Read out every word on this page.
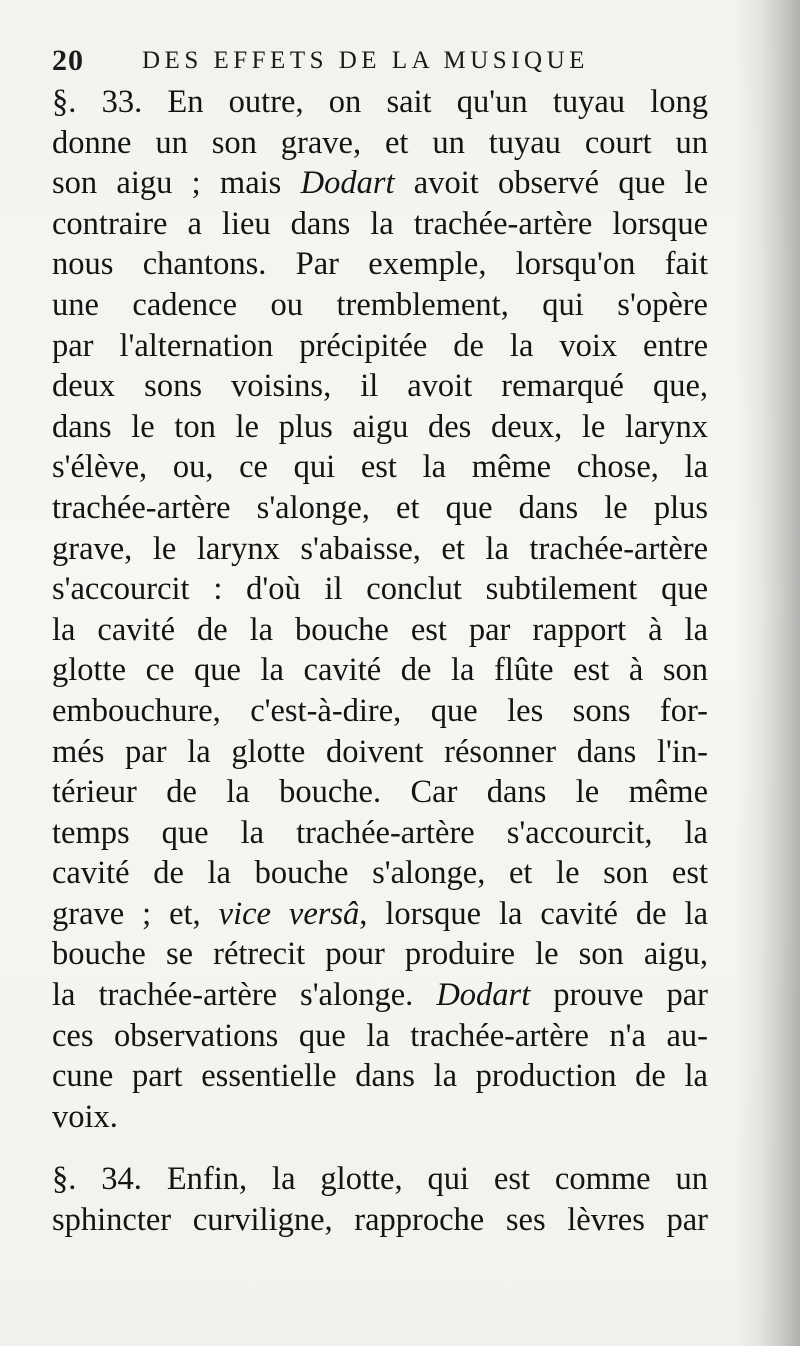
20 DES EFFETS DE LA MUSIQUE
§. 33. En outre, on sait qu'un tuyau long
donne un son grave, et un tuyau court un
son aigu ; mais Dodart avoit observé que le
contraire a lieu dans la trachée-artère lorsque
nous chantons. Par exemple, lorsqu'on fait
une cadence ou tremblement, qui s'opère
par l'alternation précipitée de la voix entre
deux sons voisins, il avoit remarqué que,
dans le ton le plus aigu des deux, le larynx
s'élève, ou, ce qui est la même chose, la
trachée-artère s'alonge, et que dans le plus
grave, le larynx s'abaisse, et la trachée-artère
s'accourcit : d'où il conclut subtilement que
la cavité de la bouche est par rapport à la
glotte ce que la cavité de la flûte est à son
embouchure, c'est-à-dire, que les sons for-
més par la glotte doivent résonner dans l'in-
térieur de la bouche. Car dans le même
temps que la trachée-artère s'accourcit, la
cavité de la bouche s'alonge, et le son est
grave ; et, vice versâ, lorsque la cavité de la
bouche se rétrecit pour produire le son aigu,
la trachée-artère s'alonge. Dodart prouve par
ces observations que la trachée-artère n'a au-
cune part essentielle dans la production de la
voix.
§. 34. Enfin, la glotte, qui est comme un
sphincter curviligne, rapproche ses lèvres par
